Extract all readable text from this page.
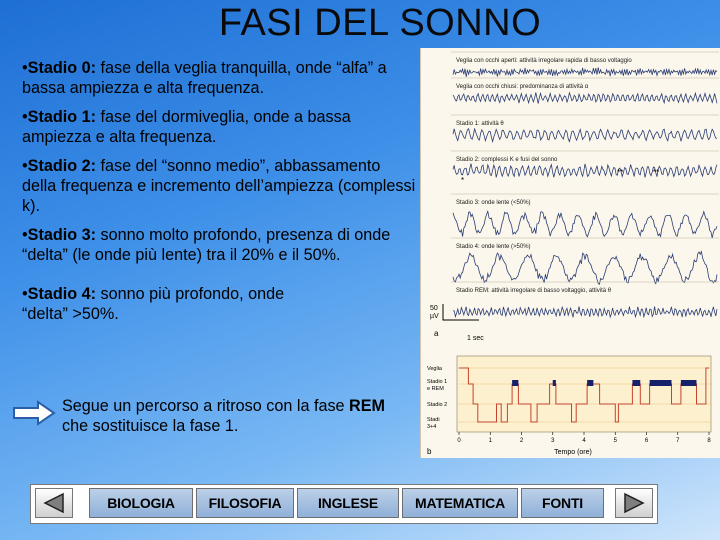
FASI DEL SONNO
•Stadio 0: fase della veglia tranquilla, onde “alfa” a bassa ampiezza e alta frequenza.
•Stadio 1: fase del dormiveglia, onde a bassa ampiezza e alta frequenza.
•Stadio 2: fase del “sonno medio”, abbassamento della frequenza e incremento dell’ampiezza (complessi k).
•Stadio 3: sonno molto profondo, presenza di onde “delta” (le onde più lente) tra il 20% e il 50%.
•Stadio 4: sonno più profondo, onde “delta” >50%.
Segue un percorso a ritroso con la fase REM che sostituisce la fase 1.
Veglia con occhi aperti: attività irregolare rapida di basso voltaggio
Veglia con occhi chiusi: predominanza di attività α
Stadio 1: attività θ
Stadio 2: complessi K e fusi del sonno
Stadio 3: onde lente (<50%)
Stadio 4: onde lente (>50%)
Stadio REM: attività irregolare di basso voltaggio, attività θ
*
**	**
a
50
µV
1 sec
Veglia
Stadio 1
e REM
Stadio 2
Stadi
3+4
0	1	2	3	4	5	6	7	8
b	Tempo (ore)
BIOLOGIA	FILOSOFIA	INGLESE	MATEMATICA	FONTI
